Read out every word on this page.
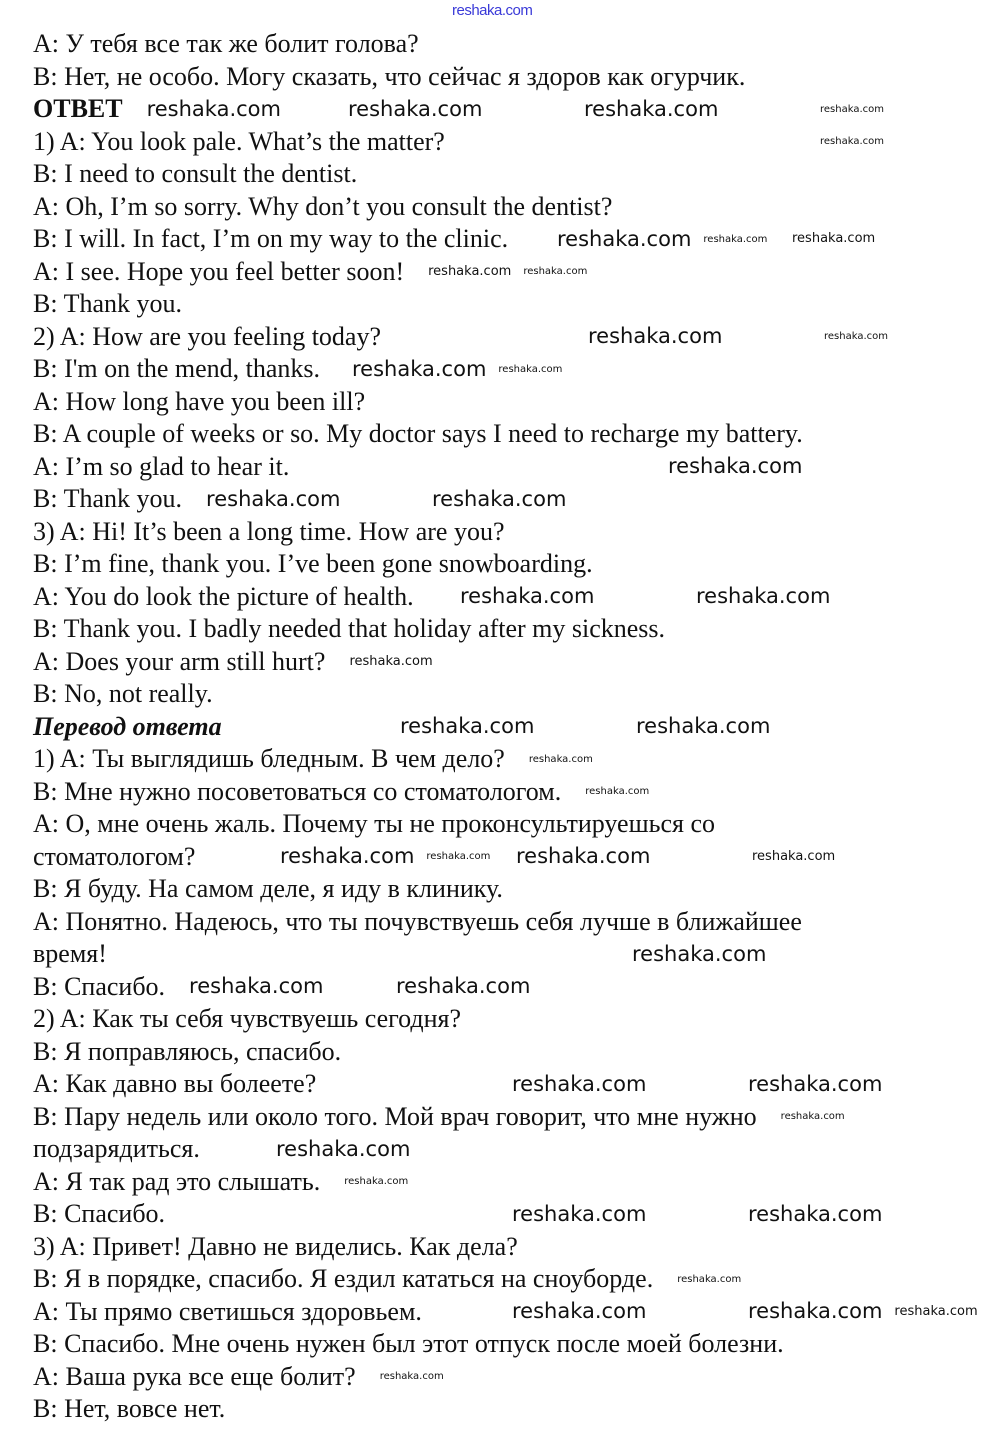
reshaka.com
A: У тебя все так же болит голова?
B: Нет, не особо. Могу сказать, что сейчас я здоров как огурчик.
ОТВЕТ
1) A: You look pale. What’s the matter?
B: I need to consult the dentist.
A: Oh, I’m so sorry. Why don’t you consult the dentist?
B: I will. In fact, I’m on my way to the clinic.
A: I see. Hope you feel better soon!
B: Thank you.
2) A: How are you feeling today?
B: I'm on the mend, thanks.
A: How long have you been ill?
B: A couple of weeks or so. My doctor says I need to recharge my battery.
A: I’m so glad to hear it.
B: Thank you.
3) A: Hi! It’s been a long time. How are you?
B: I’m fine, thank you. I’ve been gone snowboarding.
A: You do look the picture of health.
B: Thank you. I badly needed that holiday after my sickness.
A: Does your arm still hurt?
B: No, not really.
Перевод ответа
1) A: Ты выглядишь бледным. В чем дело?
B: Мне нужно посоветоваться со стоматологом.
A: О, мне очень жаль. Почему ты не проконсультируешься со
стоматологом?
B: Я буду. На самом деле, я иду в клинику.
A: Понятно. Надеюсь, что ты почувствуешь себя лучше в ближайшее
время!
B: Спасибо.
2) A: Как ты себя чувствуешь сегодня?
B: Я поправляюсь, спасибо.
A: Как давно вы болеете?
B: Пару недель или около того. Мой врач говорит, что мне нужно
подзарядиться.
A: Я так рад это слышать.
B: Спасибо.
3) A: Привет! Давно не виделись. Как дела?
B: Я в порядке, спасибо. Я ездил кататься на сноуборде.
A: Ты прямо светишься здоровьем.
B: Спасибо. Мне очень нужен был этот отпуск после моей болезни.
A: Ваша рука все еще болит?
B: Нет, вовсе нет.
reshaka.com	reshaka.com	reshaka.com
reshaka.com	reshaka.com
reshaka.com
reshaka.com
reshaka.com
reshaka.com
reshaka.com
reshaka.com
reshaka.com
reshaka.com
reshaka.com
reshaka.com	reshaka.com	reshaka.com
reshaka.com	reshaka.com
reshaka.com
reshaka.com	reshaka.com
reshaka.com
reshaka.com	reshaka.com
reshaka.com	reshaka.com
reshaka.com
reshaka.com
reshaka.com
reshaka.com
reshaka.com
reshaka.com
reshaka.com
reshaka.com
reshaka.com
reshaka.com
reshaka.com
reshaka.com
reshaka.com
reshaka.com
reshaka.com
reshaka.com
